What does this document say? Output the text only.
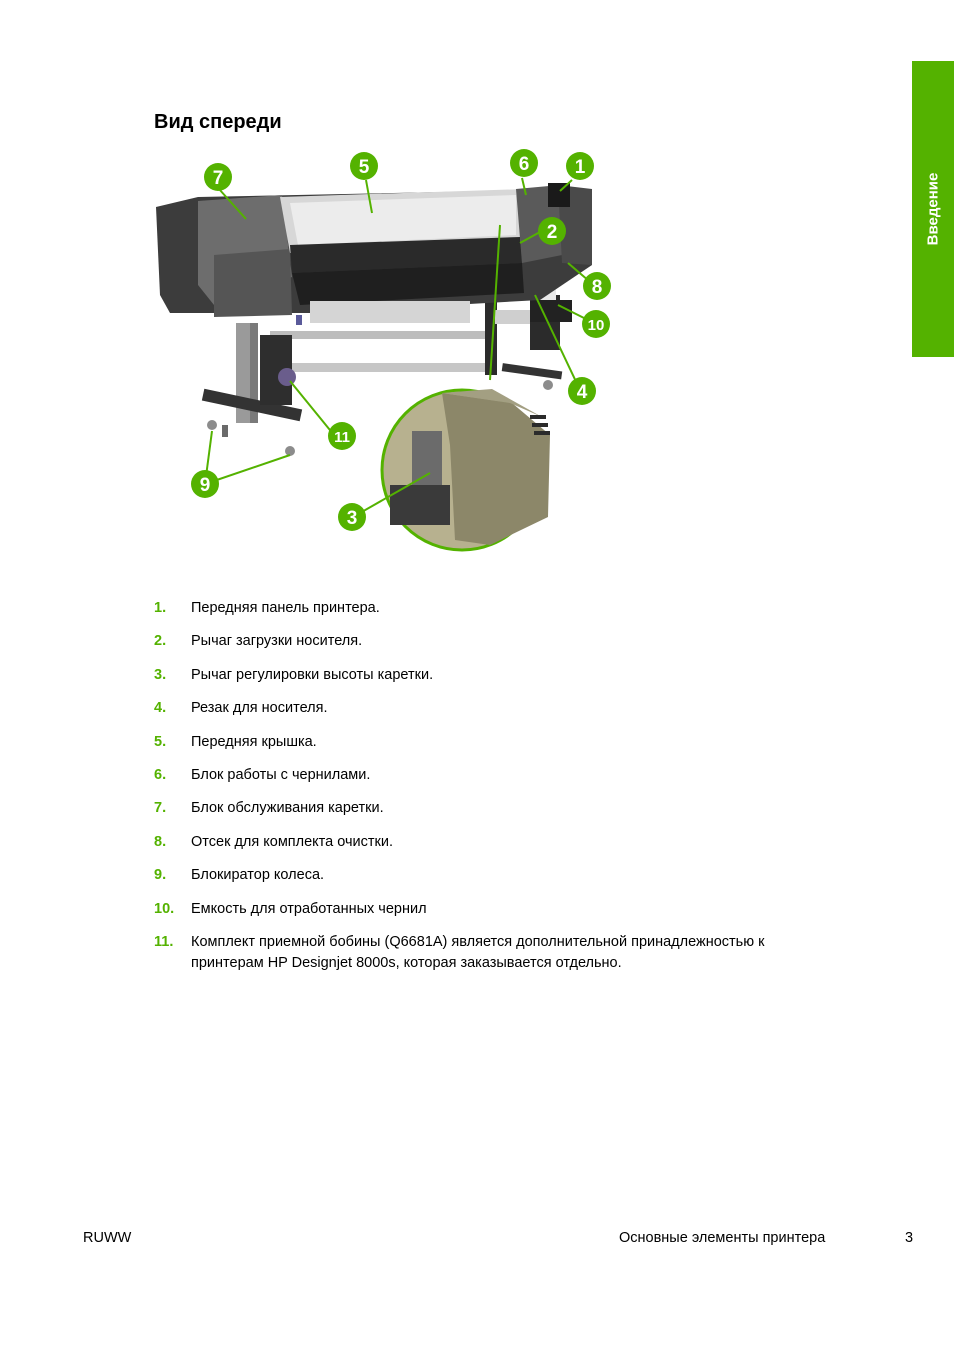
Введение
Вид спереди
1
2
3
4
5	6
7
8
9
10
11
1. Передняя панель принтера.
2. Рычаг загрузки носителя.
3. Рычаг регулировки высоты каретки.
4. Резак для носителя.
5. Передняя крышка.
6. Блок работы с чернилами.
7. Блок обслуживания каретки.
8. Отсек для комплекта очистки.
9. Блокиратор колеса.
10. Емкость для отработанных чернил
11. Комплект приемной бобины (Q6681A) является дополнительной принадлежностью к принтерам HP Designjet 8000s, которая заказывается отдельно.
RUWW	Основные элементы принтера	3
